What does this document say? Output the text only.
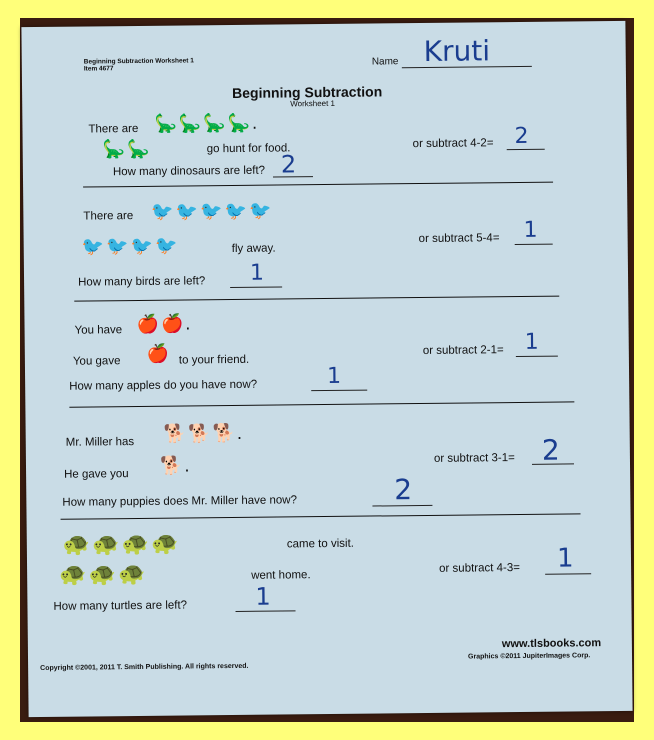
Beginning Subtraction Worksheet 1
Item 4677
Name Kruti
Beginning Subtraction
Worksheet 1
There are 🦕🦕🦕🦕.
🦕🦕	go hunt for food.
How many dinosaurs are left? 2
or subtract 4-2= 2
There are 🐦🐦🐦🐦🐦
🐦🐦🐦🐦	fly away.
How many birds are left? 1
or subtract 5-4= 1
You have 🍎🍎.
You gave 🍎 to your friend.
How many apples do you have now?	1
or subtract 2-1= 1
Mr. Miller has 🐕🐕🐕.
He gave you 🐕.
How many puppies does Mr. Miller have now?	2
or subtract 3-1= 2
🐢🐢🐢🐢	came to visit.
🐢🐢🐢	went home.
How many turtles are left?	1
or subtract 4-3= 1
www.tlsbooks.com
Copyright ©2001, 2011 T. Smith Publishing. All rights reserved.
Graphics ©2011 JupiterImages Corp.
